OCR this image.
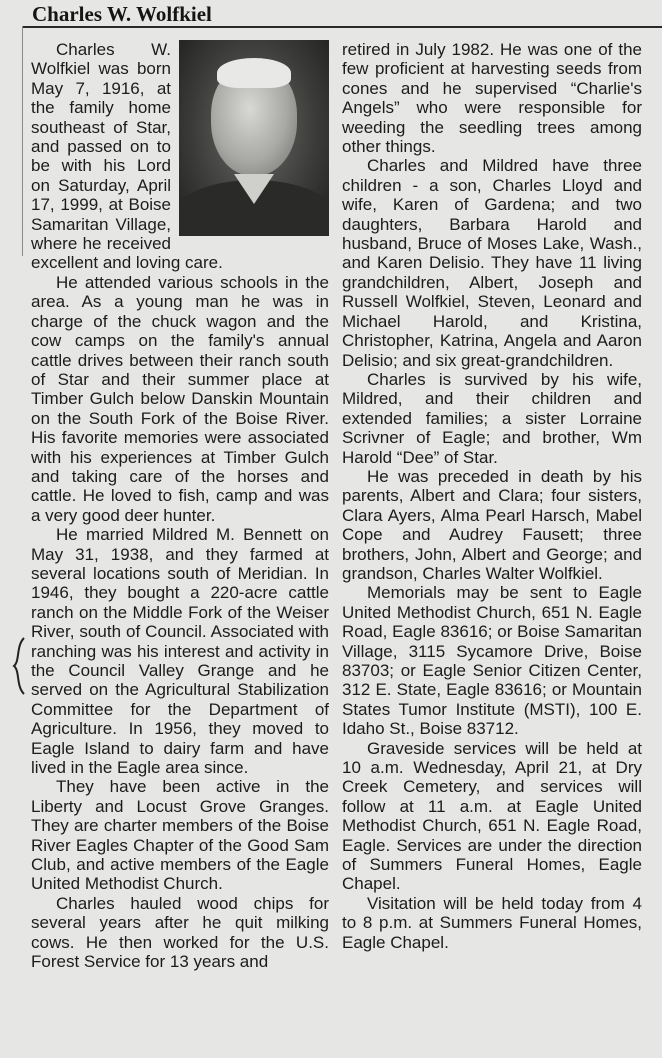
Charles W. Wolfkiel

Charles W. Wolfkiel was born May 7, 1916, at the family home southeast of Star, and passed on to be with his Lord on Saturday, April 17, 1999, at Boise Samaritan Village, where he received excellent and loving care.

He attended various schools in the area. As a young man he was in charge of the chuck wagon and the cow camps on the family's annual cattle drives between their ranch south of Star and their summer place at Timber Gulch below Danskin Mountain on the South Fork of the Boise River. His favorite memories were associated with his experiences at Timber Gulch and taking care of the horses and cattle. He loved to fish, camp and was a very good deer hunter.

He married Mildred M. Bennett on May 31, 1938, and they farmed at several locations south of Meridian. In 1946, they bought a 220-acre cattle ranch on the Middle Fork of the Weiser River, south of Council. Associated with ranching was his interest and activity in the Council Valley Grange and he served on the Agricultural Stabilization Committee for the Department of Agriculture. In 1956, they moved to Eagle Island to dairy farm and have lived in the Eagle area since.

They have been active in the Liberty and Locust Grove Granges. They are charter members of the Boise River Eagles Chapter of the Good Sam Club, and active members of the Eagle United Methodist Church.

Charles hauled wood chips for several years after he quit milking cows. He then worked for the U.S. Forest Service for 13 years and

retired in July 1982. He was one of the few proficient at harvesting seeds from cones and he supervised “Charlie's Angels” who were responsible for weeding the seedling trees among other things.

Charles and Mildred have three children - a son, Charles Lloyd and wife, Karen of Gardena; and two daughters, Barbara Harold and husband, Bruce of Moses Lake, Wash., and Karen Delisio. They have 11 living grandchildren, Albert, Joseph and Russell Wolfkiel, Steven, Leonard and Michael Harold, and Kristina, Christopher, Katrina, Angela and Aaron Delisio; and six great-grandchildren.

Charles is survived by his wife, Mildred, and their children and extended families; a sister Lorraine Scrivner of Eagle; and brother, Wm Harold “Dee” of Star.

He was preceded in death by his parents, Albert and Clara; four sisters, Clara Ayers, Alma Pearl Harsch, Mabel Cope and Audrey Fausett; three brothers, John, Albert and George; and grandson, Charles Walter Wolfkiel.

Memorials may be sent to Eagle United Methodist Church, 651 N. Eagle Road, Eagle 83616; or Boise Samaritan Village, 3115 Sycamore Drive, Boise 83703; or Eagle Senior Citizen Center, 312 E. State, Eagle 83616; or Mountain States Tumor Institute (MSTI), 100 E. Idaho St., Boise 83712.

Graveside services will be held at 10 a.m. Wednesday, April 21, at Dry Creek Cemetery, and services will follow at 11 a.m. at Eagle United Methodist Church, 651 N. Eagle Road, Eagle. Services are under the direction of Summers Funeral Homes, Eagle Chapel.

Visitation will be held today from 4 to 8 p.m. at Summers Funeral Homes, Eagle Chapel.
